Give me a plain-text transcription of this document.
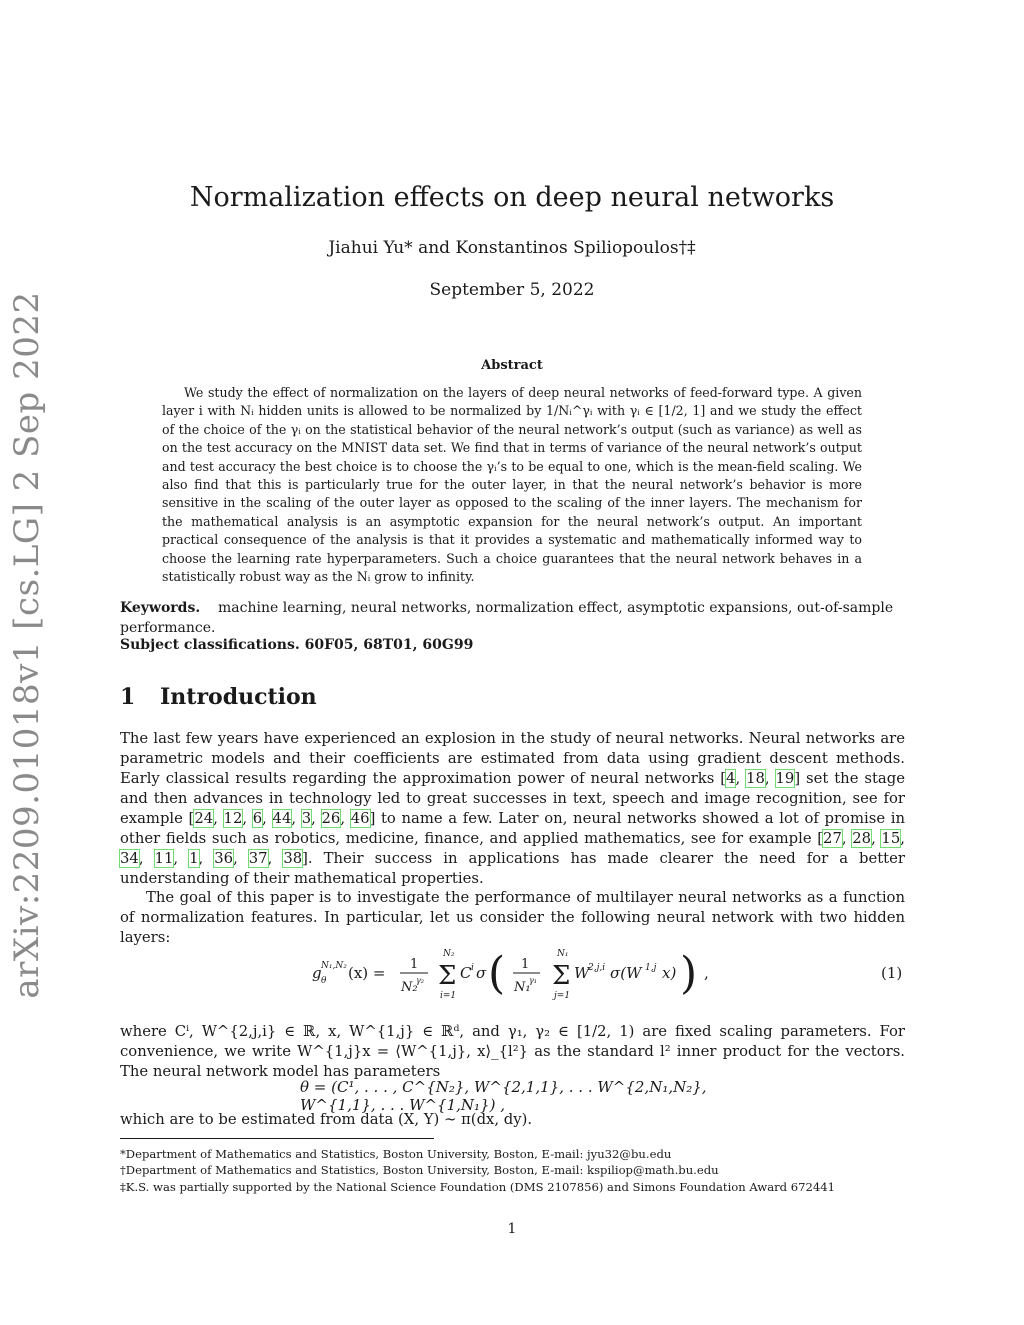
arXiv:2209.01018v1 [cs.LG] 2 Sep 2022
Normalization effects on deep neural networks
Jiahui Yu* and Konstantinos Spiliopoulos†‡
September 5, 2022
Abstract
We study the effect of normalization on the layers of deep neural networks of feed-forward type. A given layer i with Nᵢ hidden units is allowed to be normalized by 1/Nᵢ^γᵢ with γᵢ ∈ [1/2, 1] and we study the effect of the choice of the γᵢ on the statistical behavior of the neural network’s output (such as variance) as well as on the test accuracy on the MNIST data set. We find that in terms of variance of the neural network’s output and test accuracy the best choice is to choose the γᵢ’s to be equal to one, which is the mean-field scaling. We also find that this is particularly true for the outer layer, in that the neural network’s behavior is more sensitive in the scaling of the outer layer as opposed to the scaling of the inner layers. The mechanism for the mathematical analysis is an asymptotic expansion for the neural network’s output. An important practical consequence of the analysis is that it provides a systematic and mathematically informed way to choose the learning rate hyperparameters. Such a choice guarantees that the neural network behaves in a statistically robust way as the Nᵢ grow to infinity.
Keywords. machine learning, neural networks, normalization effect, asymptotic expansions, out-of-sample performance.
Subject classifications. 60F05, 68T01, 60G99
1 Introduction
The last few years have experienced an explosion in the study of neural networks. Neural networks are parametric models and their coefficients are estimated from data using gradient descent methods. Early classical results regarding the approximation power of neural networks [4, 18, 19] set the stage and then advances in technology led to great successes in text, speech and image recognition, see for example [24, 12, 6, 44, 3, 26, 46] to name a few. Later on, neural networks showed a lot of promise in other fields such as robotics, medicine, finance, and applied mathematics, see for example [27, 28, 15, 34, 11, 1, 36, 37, 38]. Their success in applications has made clearer the need for a better understanding of their mathematical properties.
The goal of this paper is to investigate the performance of multilayer neural networks as a function of normalization features. In particular, let us consider the following neural network with two hidden layers:
g N₁,N₂
θ (x) = 1
N₂
γ₂
N₂
Σ
i=1
C i σ ( 1
N₁
γ₁
N₁
Σ
j=1
W
2,j,i σ(W 1,j x) ) ,	(1)
where Cⁱ, W^{2,j,i} ∈ ℝ, x, W^{1,j} ∈ ℝᵈ, and γ₁, γ₂ ∈ [1/2, 1) are fixed scaling parameters. For convenience, we write W^{1,j}x = ⟨W^{1,j}, x⟩_{l²} as the standard l² inner product for the vectors. The neural network model has parameters
θ = (C¹, . . . , C^{N₂}, W^{2,1,1}, . . . W^{2,N₁,N₂}, W^{1,1}, . . . W^{1,N₁}) ,
which are to be estimated from data (X, Y) ∼ π(dx, dy).
*Department of Mathematics and Statistics, Boston University, Boston, E-mail: jyu32@bu.edu
†Department of Mathematics and Statistics, Boston University, Boston, E-mail: kspiliop@math.bu.edu
‡K.S. was partially supported by the National Science Foundation (DMS 2107856) and Simons Foundation Award 672441
1
